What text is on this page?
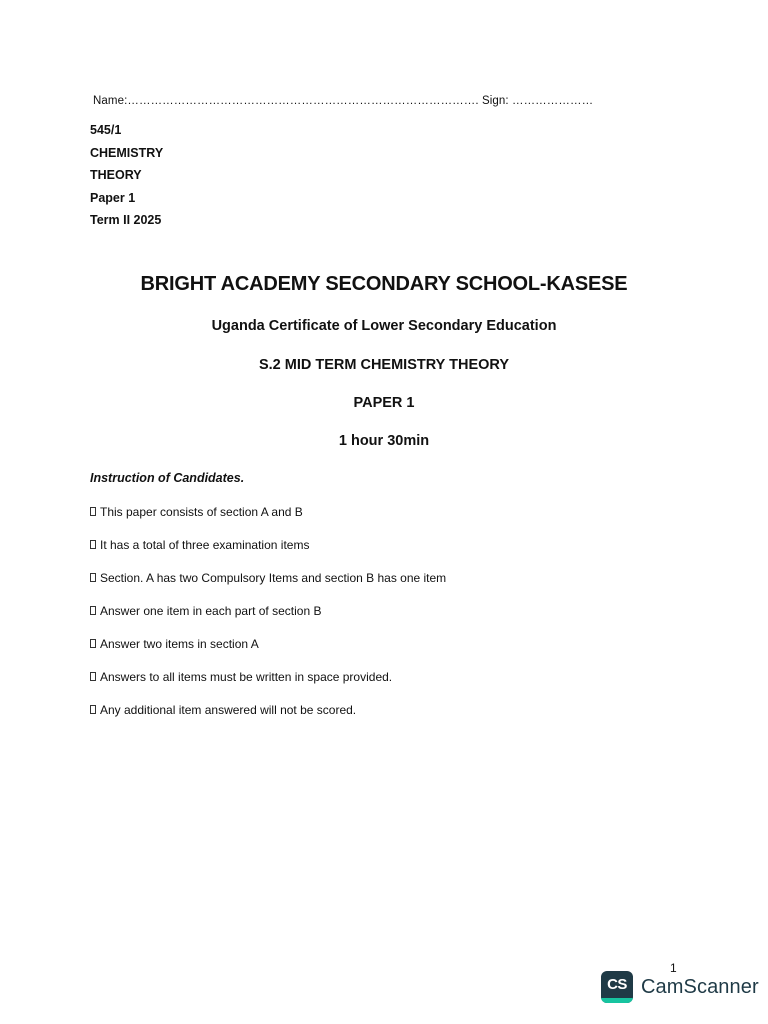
Name:………………………………………………………………………………. Sign: …………………
545/1
CHEMISTRY
THEORY
Paper 1
Term II 2025
BRIGHT ACADEMY SECONDARY SCHOOL-KASESE
Uganda Certificate of Lower Secondary Education
S.2 MID TERM CHEMISTRY THEORY
PAPER 1
1 hour 30min
Instruction of Candidates.
This paper consists of section A and B
It has a total of three examination items
Section. A has two Compulsory Items and section B has one item
Answer one item in each part of section B
Answer two items in section A
Answers to all items must be written in space provided.
Any additional item answered will not be scored.
1
CS CamScanner
